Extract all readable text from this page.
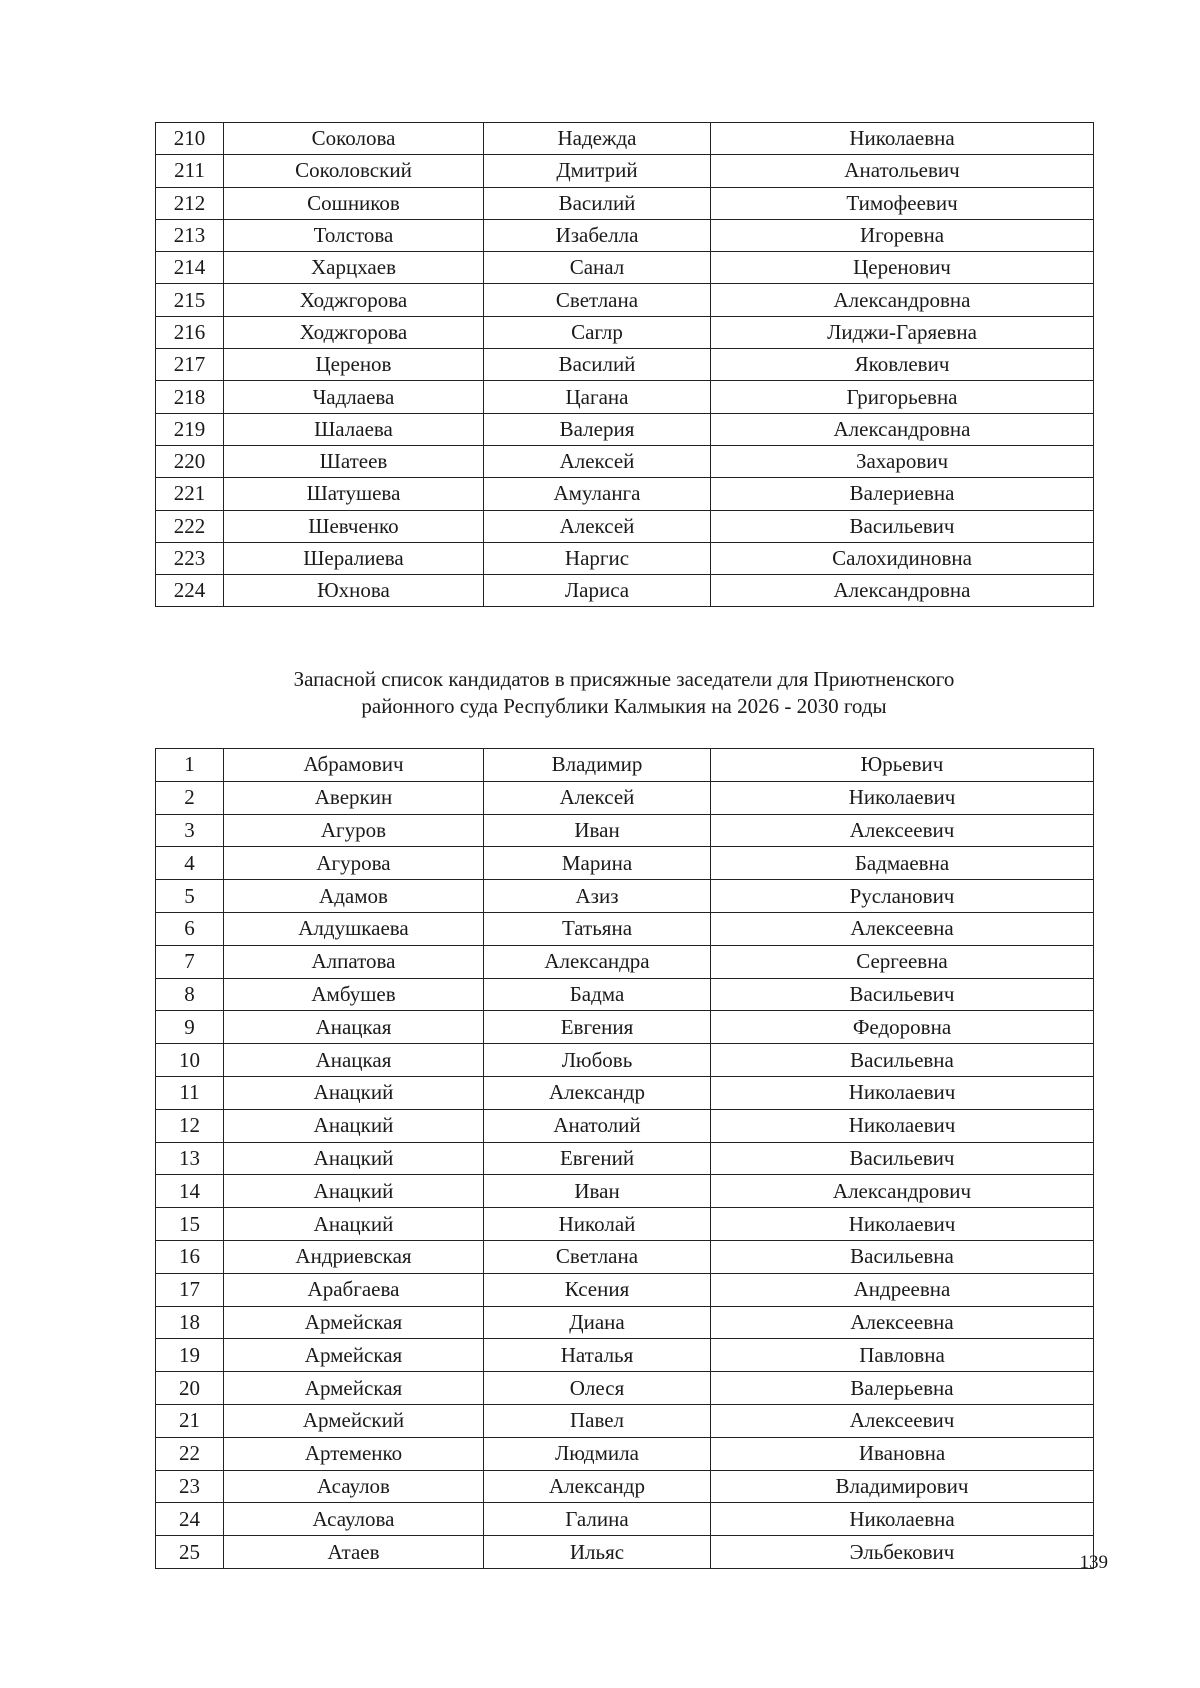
210	Соколова	Надежда	Николаевна
211	Соколовский	Дмитрий	Анатольевич
212	Сошников	Василий	Тимофеевич
213	Толстова	Изабелла	Игоревна
214	Харцхаев	Санал	Церенович
215	Ходжгорова	Светлана	Александровна
216	Ходжгорова	Саглр	Лиджи-Гаряевна
217	Церенов	Василий	Яковлевич
218	Чадлаева	Цагана	Григорьевна
219	Шалаева	Валерия	Александровна
220	Шатеев	Алексей	Захарович
221	Шатушева	Амуланга	Валериевна
222	Шевченко	Алексей	Васильевич
223	Шералиева	Наргис	Салохидиновна
224	Юхнова	Лариса	Александровна
Запасной список кандидатов в присяжные заседатели для Приютненского
районного суда Республики Калмыкия на 2026 - 2030 годы
1	Абрамович	Владимир	Юрьевич
2	Аверкин	Алексей	Николаевич
3	Агуров	Иван	Алексеевич
4	Агурова	Марина	Бадмаевна
5	Адамов	Азиз	Русланович
6	Алдушкаева	Татьяна	Алексеевна
7	Алпатова	Александра	Сергеевна
8	Амбушев	Бадма	Васильевич
9	Анацкая	Евгения	Федоровна
10	Анацкая	Любовь	Васильевна
11	Анацкий	Александр	Николаевич
12	Анацкий	Анатолий	Николаевич
13	Анацкий	Евгений	Васильевич
14	Анацкий	Иван	Александрович
15	Анацкий	Николай	Николаевич
16	Андриевская	Светлана	Васильевна
17	Арабгаева	Ксения	Андреевна
18	Армейская	Диана	Алексеевна
19	Армейская	Наталья	Павловна
20	Армейская	Олеся	Валерьевна
21	Армейский	Павел	Алексеевич
22	Артеменко	Людмила	Ивановна
23	Асаулов	Александр	Владимирович
24	Асаулова	Галина	Николаевна
25	Атаев	Ильяс	Эльбекович	139
